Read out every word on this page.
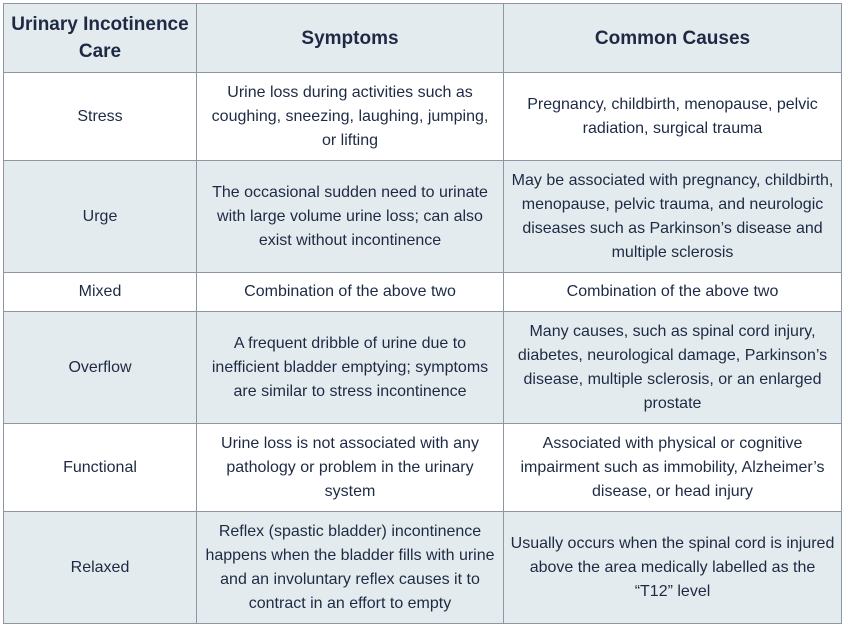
Urinary Incotinence Care	Symptoms	Common Causes
Stress	Urine loss during activities such as coughing, sneezing, laughing, jumping, or lifting	Pregnancy, childbirth, menopause, pelvic radiation, surgical trauma
Urge	The occasional sudden need to urinate with large volume urine loss; can also exist without incontinence	May be associated with pregnancy, childbirth, menopause, pelvic trauma, and neurologic diseases such as Parkinson’s disease and multiple sclerosis
Mixed	Combination of the above two	Combination of the above two
Overflow	A frequent dribble of urine due to inefficient bladder emptying; symptoms are similar to stress incontinence	Many causes, such as spinal cord injury, diabetes, neurological damage, Parkinson’s disease, multiple sclerosis, or an enlarged prostate
Functional	Urine loss is not associated with any pathology or problem in the urinary system	Associated with physical or cognitive impairment such as immobility, Alzheimer’s disease, or head injury
Relaxed	Reflex (spastic bladder) incontinence happens when the bladder fills with urine and an involuntary reflex causes it to contract in an effort to empty	Usually occurs when the spinal cord is injured above the area medically labelled as the “T12” level
